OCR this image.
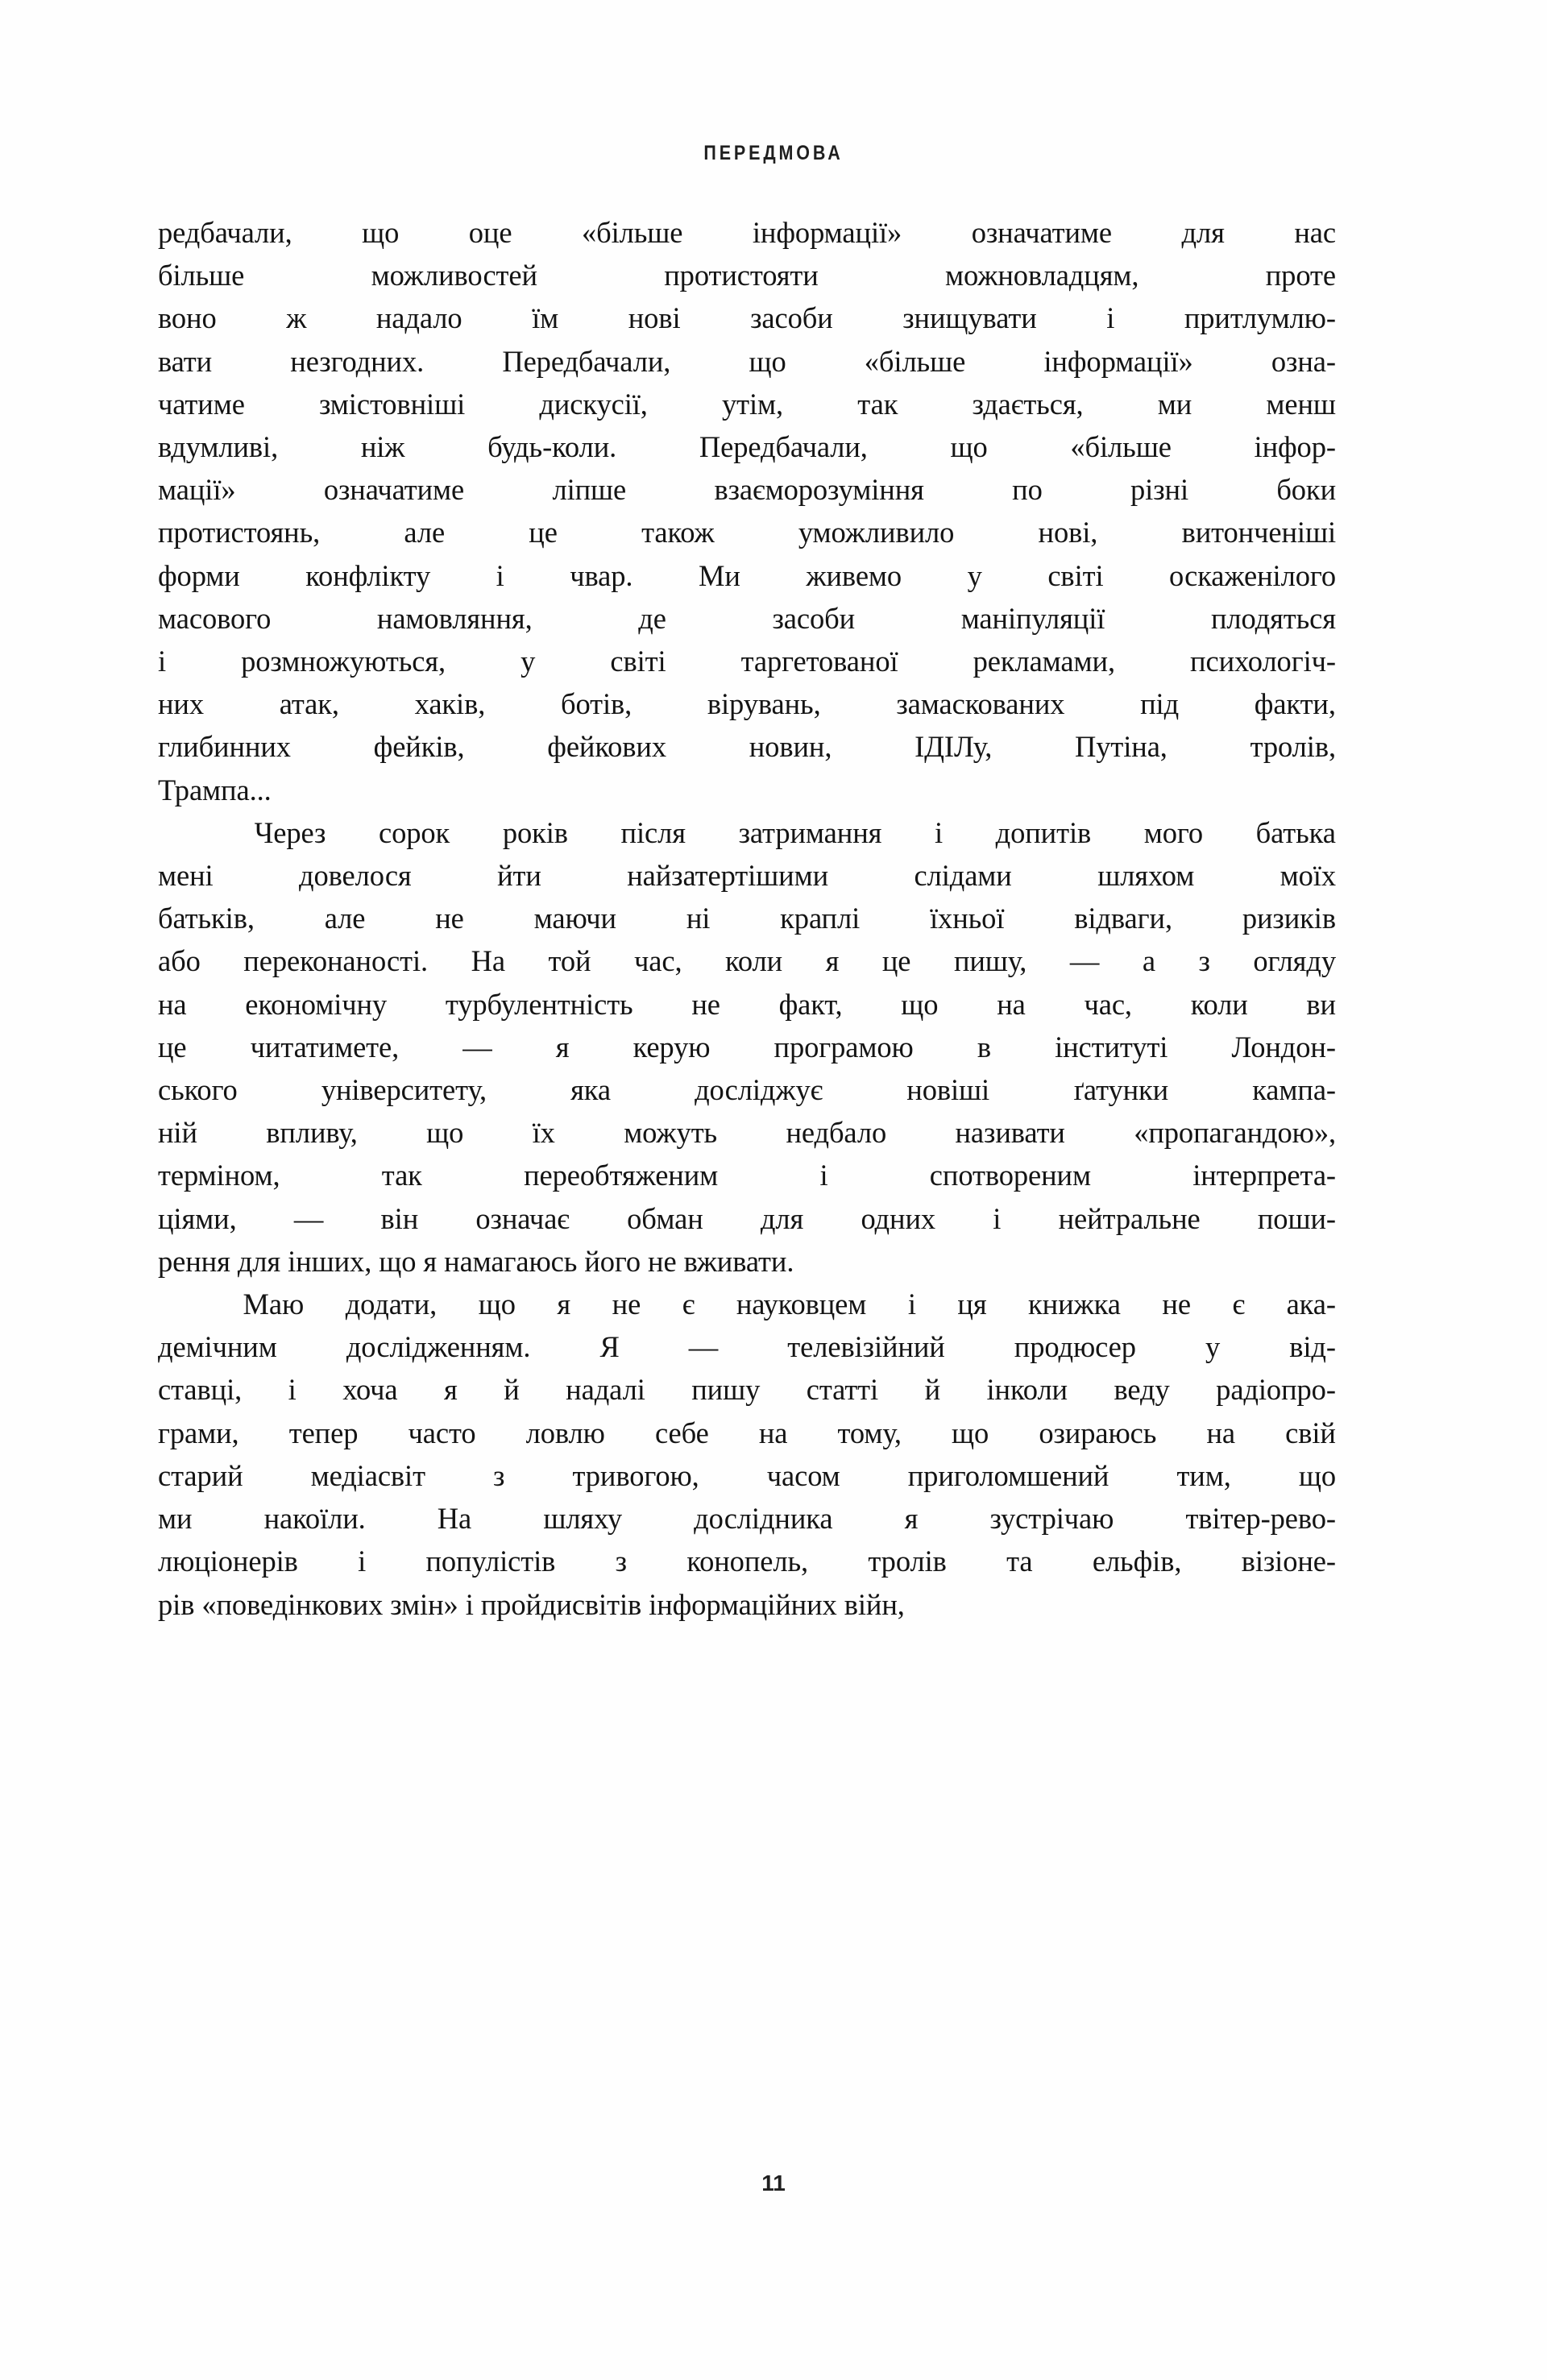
ПЕРЕДМОВА

редбачали, що оце «більше інформації» означатиме для нас
більше	можливостей	протистояти	можновладцям,	проте
воно ж надало їм нові засоби знищувати і притлумлю-
вати	незгодних.	Передбачали,	що	«більше	інформації»	озна-
чатиме	змістовніші	дискусії,	утім,	так	здається,	ми	менш
вдумливі,	ніж	будь-коли.	Передбачали,	що	«більше	інфор-
мації»	означатиме	ліпше	взаєморозуміння	по	різні	боки
протистоянь,	але	це	також	уможливило	нові,	витонченіші
форми конфлікту і чвар. Ми живемо у світі оскаженілого
масового	намовляння,	де	засоби	маніпуляції	плодяться
і	розмножуються,	у	світі	таргетованої	рекламами,	психологіч-
них	атак,	хаків,	ботів,	вірувань,	замаскованих	під	факти,
глибинних	фейків,	фейкових	новин,	ІДІЛу,	Путіна,	тролів,
Трампа...

Через сорок років після затримання і допитів мого батька
мені	довелося	йти	найзатертішими	слідами	шляхом	моїх
батьків, але не маючи ні краплі їхньої відваги, ризиків
або переконаності. На той час, коли я це пишу, — а з огляду
на економічну турбулентність не факт, що на час, коли ви
це читатимете, — я керую програмою в інституті Лондон-
ського	університету,	яка	досліджує	новіші	ґатунки	кампа-
ній впливу, що їх можуть недбало називати «пропагандою»,
терміном,	так	переобтяженим	і	спотвореним	інтерпрета-
ціями, — він означає обман для одних і нейтральне поши-
рення для інших, що я намагаюсь його не вживати.

Маю додати, що я не є науковцем і ця книжка не є ака-
демічним дослідженням. Я — телевізійний продюсер у від-
ставці, і хоча я й надалі пишу статті й інколи веду радіопро-
грами, тепер часто ловлю себе на тому, що озираюсь на свій
старий медіасвіт з тривогою, часом приголомшений тим, що
ми накоїли. На шляху дослідника я зустрічаю твітер-рево-
люціонерів і популістів з конопель, тролів та ельфів, візіоне-
рів «поведінкових змін» і пройдисвітів інформаційних війн,

11
